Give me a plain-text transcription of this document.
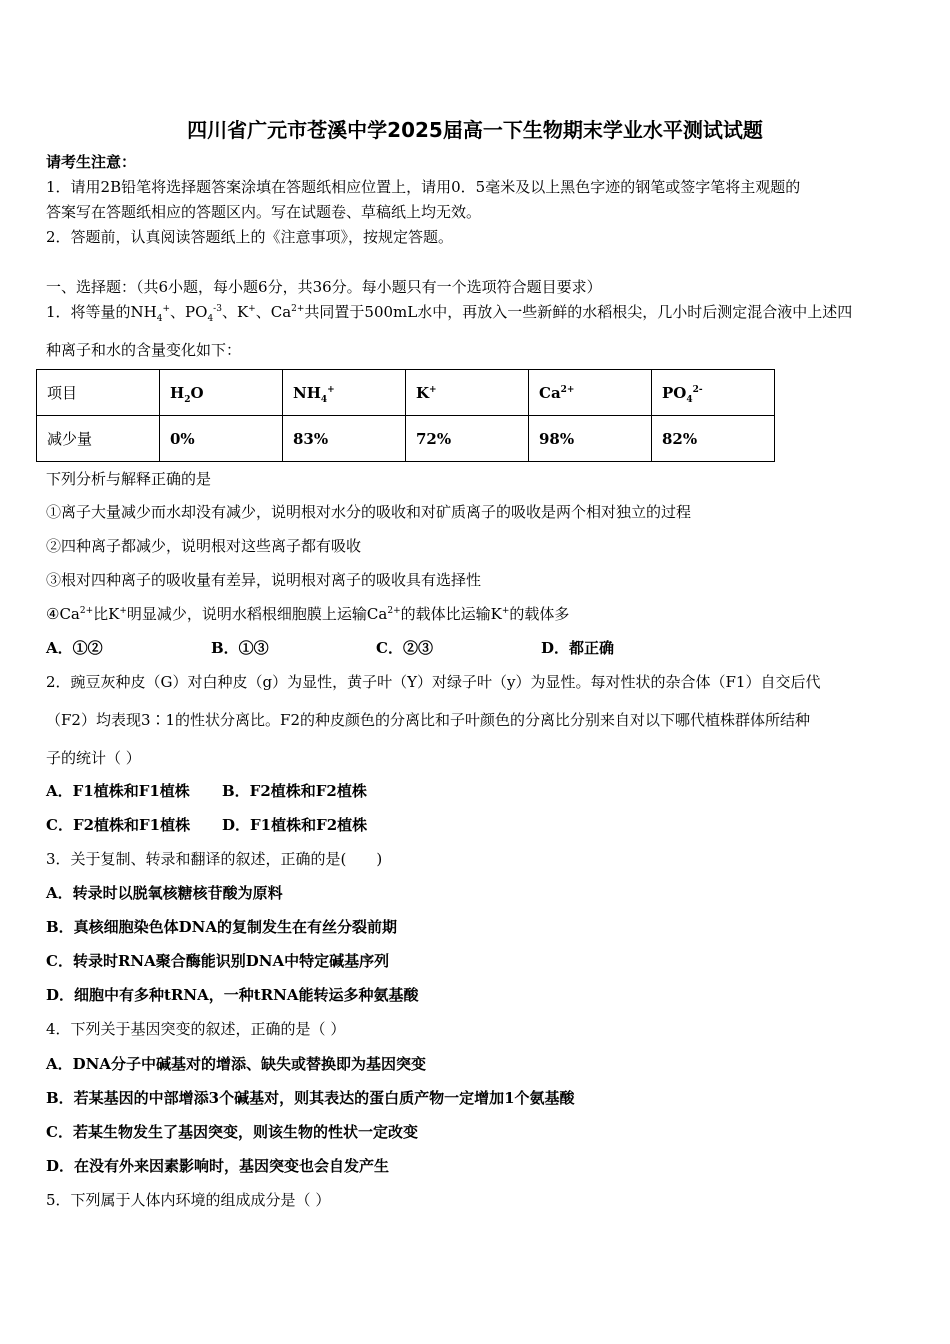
四川省广元市苍溪中学2025届高一下生物期末学业水平测试试题
请考生注意：
1．请用2B铅笔将选择题答案涂填在答题纸相应位置上，请用0．5毫米及以上黑色字迹的钢笔或签字笔将主观题的
答案写在答题纸相应的答题区内。写在试题卷、草稿纸上均无效。
2．答题前，认真阅读答题纸上的《注意事项》，按规定答题。
一、选择题：（共6小题，每小题6分，共36分。每小题只有一个选项符合题目要求）
1．将等量的$NH_4^+$、$PO_4^{-3}$、K+、$Ca^{2+}$共同置于500mL水中，再放入一些新鲜的水稻根尖，几小时后测定混合液中上述四
种离子和水的含量变化如下：
项目	$H_2O$	$NH_4^+$	K+	$Ca^{2+}$	$PO_4^{2-}$
减少量	0%	83%	72%	98%	82%
下列分析与解释正确的是
①离子大量减少而水却没有减少，说明根对水分的吸收和对矿质离子的吸收是两个相对独立的过程
②四种离子都减少，说明根对这些离子都有吸收
③根对四种离子的吸收量有差异，说明根对离子的吸收具有选择性
$④Ca^{2+}$比K+明显减少，说明水稻根细胞膜上运输$Ca^{2+}$的载体比运输K+的载体多
A．①②	B．①③	C．②③	D．都正确
2．豌豆灰种皮（G）对白种皮（g）为显性，黄子叶（Y）对绿子叶（y）为显性。每对性状的杂合体（F1）自交后代
（F2）均表现3∶1的性状分离比。F2的种皮颜色的分离比和子叶颜色的分离比分别来自对以下哪代植株群体所结种
子的统计（ ）
A．F1植株和F1植株 B．F2植株和F2植株
C．F2植株和F1植株 D．F1植株和F2植株
3．关于复制、转录和翻译的叙述，正确的是(　　)
A．转录时以脱氧核糖核苷酸为原料
B．真核细胞染色体DNA的复制发生在有丝分裂前期
C．转录时RNA聚合酶能识别DNA中特定碱基序列
D．细胞中有多种tRNA，一种tRNA能转运多种氨基酸
4．下列关于基因突变的叙述，正确的是（ ）
A．DNA分子中碱基对的增添、缺失或替换即为基因突变
B．若某基因的中部增添3个碱基对，则其表达的蛋白质产物一定增加1个氨基酸
C．若某生物发生了基因突变，则该生物的性状一定改变
D．在没有外来因素影响时，基因突变也会自发产生
5．下列属于人体内环境的组成成分是（ ）
